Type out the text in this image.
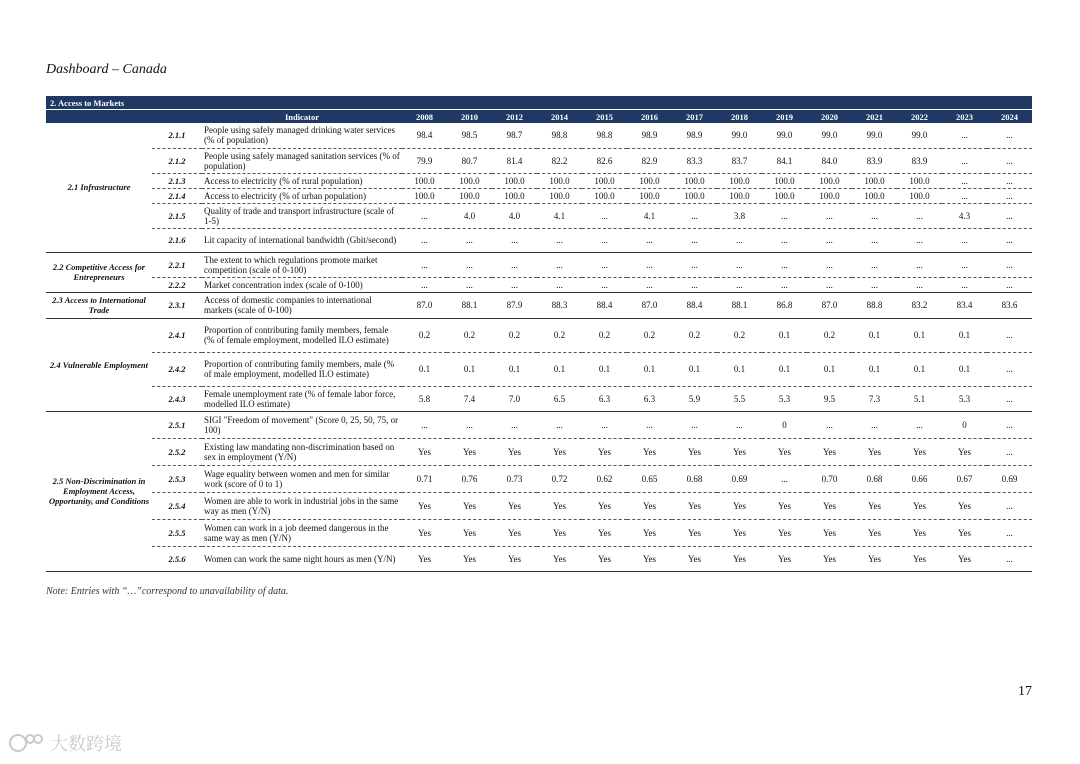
Dashboard – Canada
2. Access to Markets																
		Indicator	2008	2010	2012	2014	2015	2016	2017	2018	2019	2020	2021	2022	2023	2024
2.1 Infrastructure	2.1.1	People using safely managed drinking water services (% of population)	98.4	98.5	98.7	98.8	98.8	98.9	98.9	99.0	99.0	99.0	99.0	99.0	...	...
	2.1.2	People using safely managed sanitation services (% of population)	79.9	80.7	81.4	82.2	82.6	82.9	83.3	83.7	84.1	84.0	83.9	83.9	...	...
	2.1.3	Access to electricity (% of rural population)	100.0	100.0	100.0	100.0	100.0	100.0	100.0	100.0	100.0	100.0	100.0	100.0	...	...
	2.1.4	Access to electricity (% of urban population)	100.0	100.0	100.0	100.0	100.0	100.0	100.0	100.0	100.0	100.0	100.0	100.0	...	...
	2.1.5	Quality of trade and transport infrastructure (scale of 1-5)	...	4.0	4.0	4.1	...	4.1	...	3.8	...	...	...	...	4.3	...
	2.1.6	Lit capacity of international bandwidth (Gbit/second)	...	...	...	...	...	...	...	...	...	...	...	...	...	...
2.2 Competitive Access for Entrepreneurs	2.2.1	The extent to which regulations promote market competition (scale of 0-100)	...	...	...	...	...	...	...	...	...	...	...	...	...	...
	2.2.2	Market concentration index (scale of 0-100)	...	...	...	...	...	...	...	...	...	...	...	...	...	...
2.3 Access to International Trade	2.3.1	Access of domestic companies to international markets (scale of 0-100)	87.0	88.1	87.9	88.3	88.4	87.0	88.4	88.1	86.8	87.0	88.8	83.2	83.4	83.6
2.4 Vulnerable Employment	2.4.1	Proportion of contributing family members, female (% of female employment, modelled ILO estimate)	0.2	0.2	0.2	0.2	0.2	0.2	0.2	0.2	0.1	0.2	0.1	0.1	0.1	...
	2.4.2	Proportion of contributing family members, male (% of male employment, modelled ILO estimate)	0.1	0.1	0.1	0.1	0.1	0.1	0.1	0.1	0.1	0.1	0.1	0.1	0.1	...
	2.4.3	Female unemployment rate (% of female labor force, modelled ILO estimate)	5.8	7.4	7.0	6.5	6.3	6.3	5.9	5.5	5.3	9.5	7.3	5.1	5.3	...
2.5 Non-Discrimination in Employment Access, Opportunity, and Conditions	2.5.1	SIGI "Freedom of movement" (Score 0, 25, 50, 75, or 100)	...	...	...	...	...	...	...	...	0	...	...	...	0	...
	2.5.2	Existing law mandating non-discrimination based on sex in employment (Y/N)	Yes	Yes	Yes	Yes	Yes	Yes	Yes	Yes	Yes	Yes	Yes	Yes	Yes	...
	2.5.3	Wage equality between women and men for similar work (score of 0 to 1)	0.71	0.76	0.73	0.72	0.62	0.65	0.68	0.69	...	0.70	0.68	0.66	0.67	0.69
	2.5.4	Women are able to work in industrial jobs in the same way as men (Y/N)	Yes	Yes	Yes	Yes	Yes	Yes	Yes	Yes	Yes	Yes	Yes	Yes	Yes	...
	2.5.5	Women can work in a job deemed dangerous in the same way as men (Y/N)	Yes	Yes	Yes	Yes	Yes	Yes	Yes	Yes	Yes	Yes	Yes	Yes	Yes	...
	2.5.6	Women can work the same night hours as men (Y/N)	Yes	Yes	Yes	Yes	Yes	Yes	Yes	Yes	Yes	Yes	Yes	Yes	Yes	...
Note: Entries with “…”correspond to unavailability of data.
17
大数跨境
